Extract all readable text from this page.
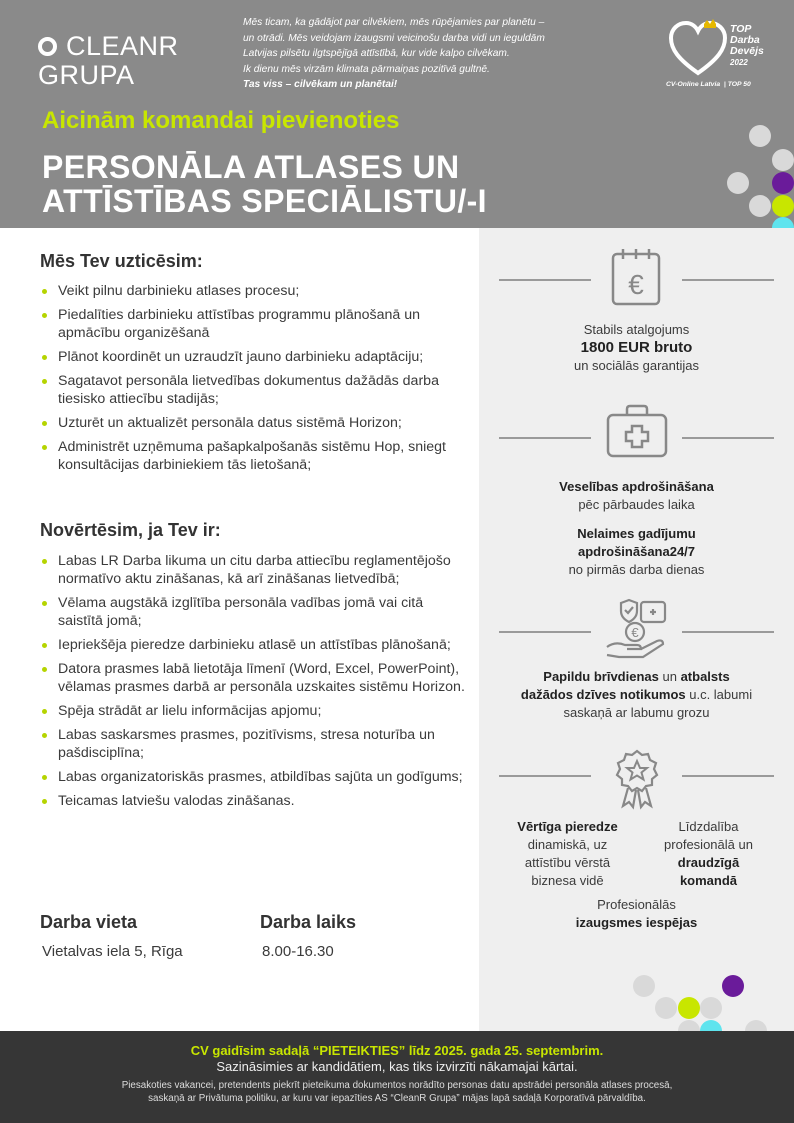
CLEANR
GRUPA
Mēs ticam, ka gādājot par cilvēkiem, mēs rūpējamies par planētu –
un otrādi. Mēs veidojam izaugsmi veicinošu darba vidi un ieguldām
Latvijas pilsētu ilgtspējīgā attīstībā, kur vide kalpo cilvēkam.
Ik dienu mēs virzām klimata pārmaiņas pozitīvā gultnē.
Tas viss – cilvēkam un planētai!
TOP
Darba
Devējs
2022
CV-Online Latvia | TOP 50
Aicinām komandai pievienoties
PERSONĀLA ATLASES UN
ATTĪSTĪBAS SPECIĀLISTU/-I
Mēs Tev uzticēsim:
Veikt pilnu darbinieku atlases procesu;
Piedalīties darbinieku attīstības programmu plānošanā un apmācību organizēšanā
Plānot koordinēt un uzraudzīt jauno darbinieku adaptāciju;
Sagatavot personāla lietvedības dokumentus dažādās darba tiesisko attiecību stadijās;
Uzturēt un aktualizēt personāla datus sistēmā Horizon;
Administrēt uzņēmuma pašapkalpošanās sistēmu Hop, sniegt konsultācijas darbiniekiem tās lietošanā;
Novērtēsim, ja Tev ir:
Labas LR Darba likuma un citu darba attiecību reglamentējošo normatīvo aktu zināšanas, kā arī zināšanas lietvedībā;
Vēlama augstākā izglītība personāla vadības jomā vai citā saistītā jomā;
Iepriekšēja pieredze darbinieku atlasē un attīstības plānošanā;
Datora prasmes labā lietotāja līmenī (Word, Excel, PowerPoint), vēlamas prasmes darbā ar personāla uzskaites sistēmu Horizon.
Spēja strādāt ar lielu informācijas apjomu;
Labas saskarsmes prasmes, pozitīvisms, stresa noturība un pašdisciplīna;
Labas organizatoriskās prasmes, atbildības sajūta un godīgums;
Teicamas latviešu valodas zināšanas.
Darba vieta
Vietalvas iela 5, Rīga
Darba laiks
8.00-16.30
€
Stabils atalgojums
1800 EUR bruto
un sociālās garantijas
Veselības apdrošināšana
pēc pārbaudes laika
Nelaimes gadījumu
apdrošināšana24/7
no pirmās darba dienas
€
Papildu brīvdienas un atbalsts
dažādos dzīves notikumos u.c. labumi
saskaņā ar labumu grozu
Vērtīga pieredze
dinamiskā, uz
attīstību vērstā
biznesa vidē
Līdzdalība
profesionālā un
draudzīgā
komandā
Profesionālās
izaugsmes iespējas
CV gaidīsim sadaļā “PIETEIKTIES” līdz 2025. gada 25. septembrim.
Sazināsimies ar kandidātiem, kas tiks izvirzīti nākamajai kārtai.
Piesakoties vakancei, pretendents piekrīt pieteikuma dokumentos norādīto personas datu apstrādei personāla atlases procesā,
saskaņā ar Privātuma politiku, ar kuru var iepazīties AS “CleanR Grupa” mājas lapā sadaļā Korporatīvā pārvaldība.
